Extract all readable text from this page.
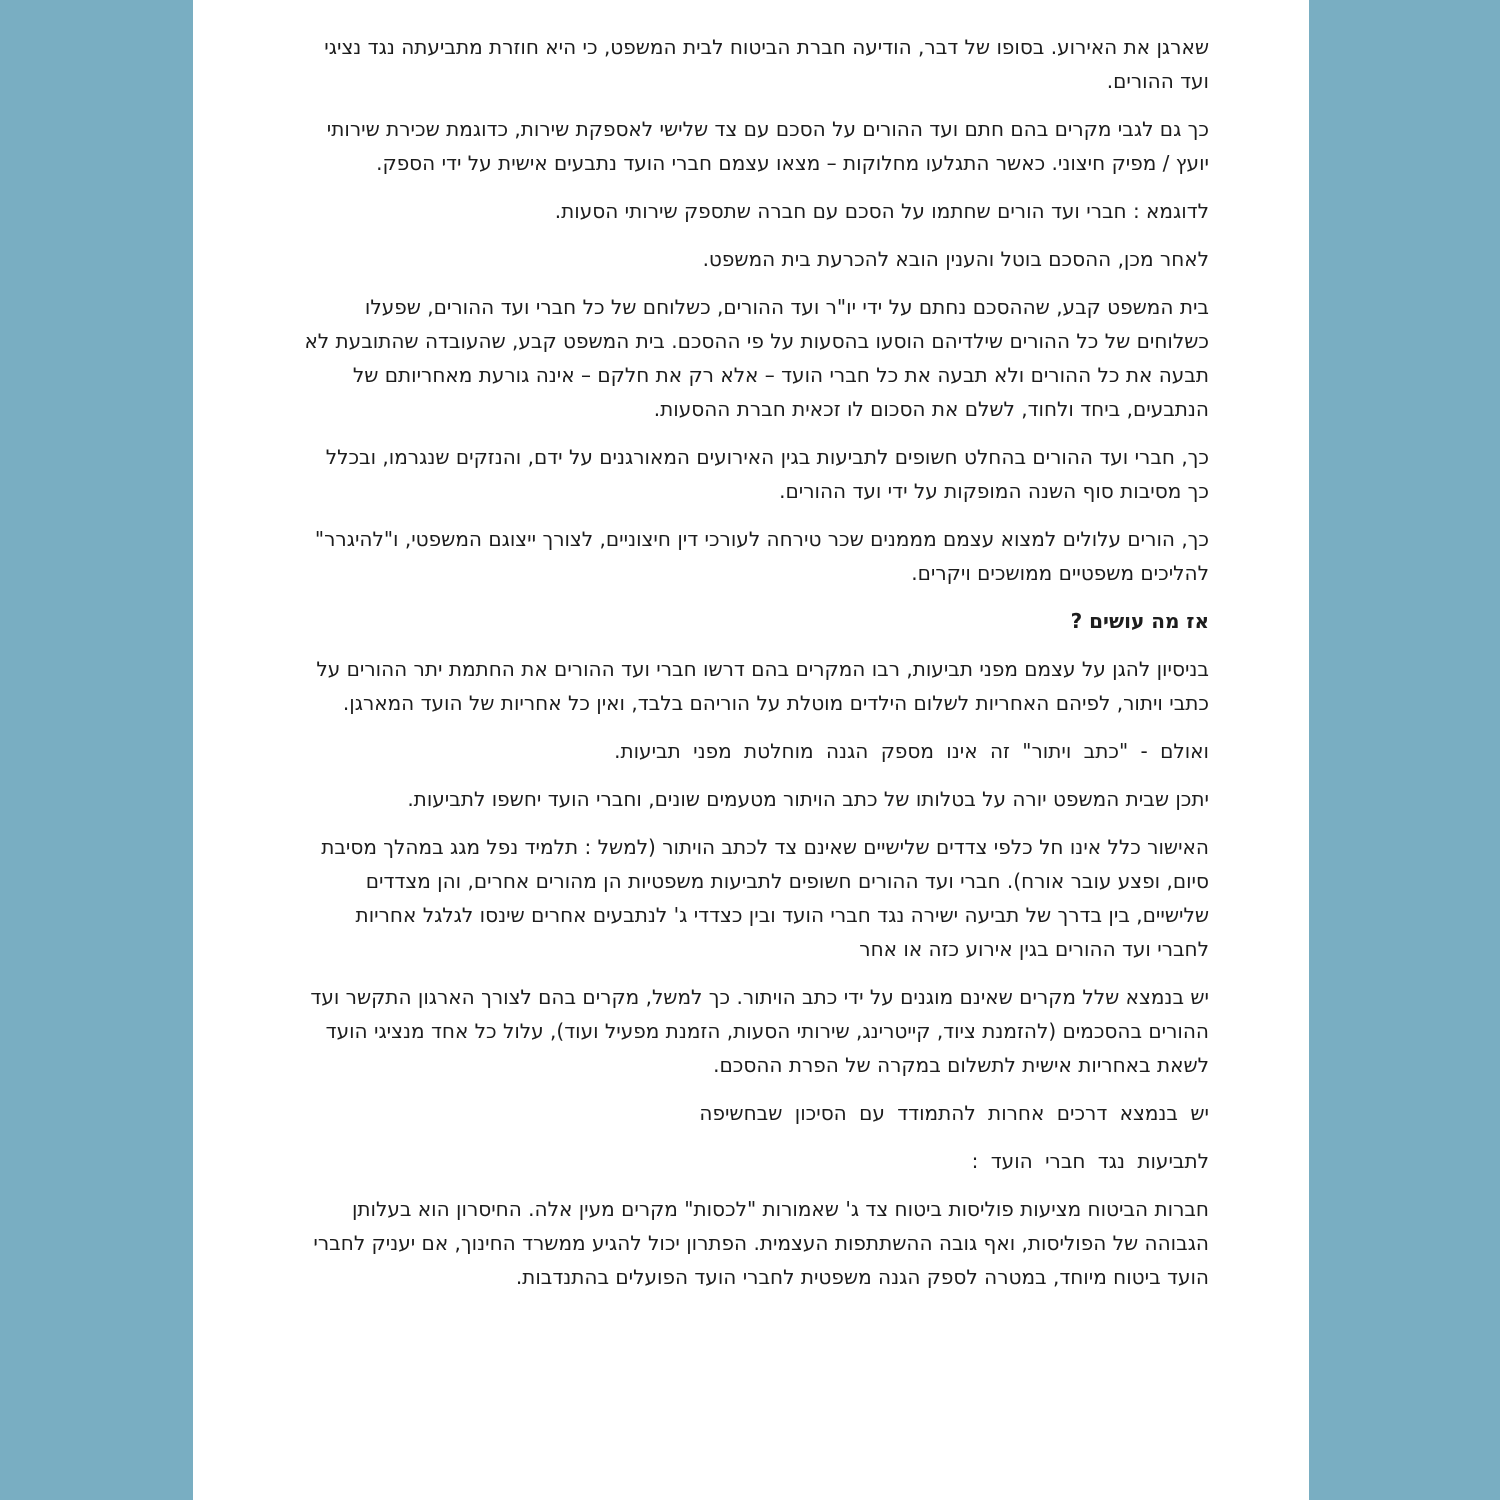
שארגן את האירוע. בסופו של דבר, הודיעה חברת הביטוח לבית המשפט, כי היא חוזרת מתביעתה נגד נציגי ועד ההורים.

כך גם לגבי מקרים בהם חתם ועד ההורים על הסכם עם צד שלישי לאספקת שירות, כדוגמת שכירת שירותי יועץ / מפיק חיצוני. כאשר התגלעו מחלוקות – מצאו עצמם חברי הועד נתבעים אישית על ידי הספק.

לדוגמא : חברי ועד הורים שחתמו על הסכם עם חברה שתספק שירותי הסעות.

לאחר מכן, ההסכם בוטל והענין הובא להכרעת בית המשפט.

בית המשפט קבע, שההסכם נחתם על ידי יו"ר ועד ההורים, כשלוחם של כל חברי ועד ההורים, שפעלו כשלוחים של כל ההורים שילדיהם הוסעו בהסעות על פי ההסכם. בית המשפט קבע, שהעובדה שהתובעת לא תבעה את כל ההורים ולא תבעה את כל חברי הועד – אלא רק את חלקם – אינה גורעת מאחריותם של הנתבעים, ביחד ולחוד, לשלם את הסכום לו זכאית חברת ההסעות.

כך, חברי ועד ההורים בהחלט חשופים לתביעות בגין האירועים המאורגנים על ידם, והנזקים שנגרמו, ובכלל כך מסיבות סוף השנה המופקות על ידי ועד ההורים.

כך, הורים עלולים למצוא עצמם מממנים שכר טירחה לעורכי דין חיצוניים, לצורך ייצוגם המשפטי, ו"להיגרר" להליכים משפטיים ממושכים ויקרים.

אז מה עושים ?

בניסיון להגן על עצמם מפני תביעות, רבו המקרים בהם דרשו חברי ועד ההורים את החתמת יתר ההורים על כתבי ויתור, לפיהם האחריות לשלום הילדים מוטלת על הוריהם בלבד, ואין כל אחריות של הועד המארגן.

ואולם - "כתב ויתור" זה אינו מספק הגנה מוחלטת מפני תביעות.

יתכן שבית המשפט יורה על בטלותו של כתב הויתור מטעמים שונים, וחברי הועד יחשפו לתביעות.

האישור כלל אינו חל כלפי צדדים שלישיים שאינם צד לכתב הויתור (למשל : תלמיד נפל מגג במהלך מסיבת סיום, ופצע עובר אורח). חברי ועד ההורים חשופים לתביעות משפטיות הן מהורים אחרים, והן מצדדים שלישיים, בין בדרך של תביעה ישירה נגד חברי הועד ובין כצדדי ג' לנתבעים אחרים שינסו לגלגל אחריות לחברי ועד ההורים בגין אירוע כזה או אחר

יש בנמצא שלל מקרים שאינם מוגנים על ידי כתב הויתור. כך למשל, מקרים בהם לצורך הארגון התקשר ועד ההורים בהסכמים (להזמנת ציוד, קייטרינג, שירותי הסעות, הזמנת מפעיל ועוד), עלול כל אחד מנציגי הועד לשאת באחריות אישית לתשלום במקרה של הפרת ההסכם.

יש בנמצא דרכים אחרות להתמודד עם הסיכון שבחשיפה

לתביעות נגד חברי הועד :

חברות הביטוח מציעות פוליסות ביטוח צד ג' שאמורות "לכסות" מקרים מעין אלה. החיסרון הוא בעלותן הגבוהה של הפוליסות, ואף גובה ההשתתפות העצמית. הפתרון יכול להגיע ממשרד החינוך, אם יעניק לחברי הועד ביטוח מיוחד, במטרה לספק הגנה משפטית לחברי הועד הפועלים בהתנדבות.
